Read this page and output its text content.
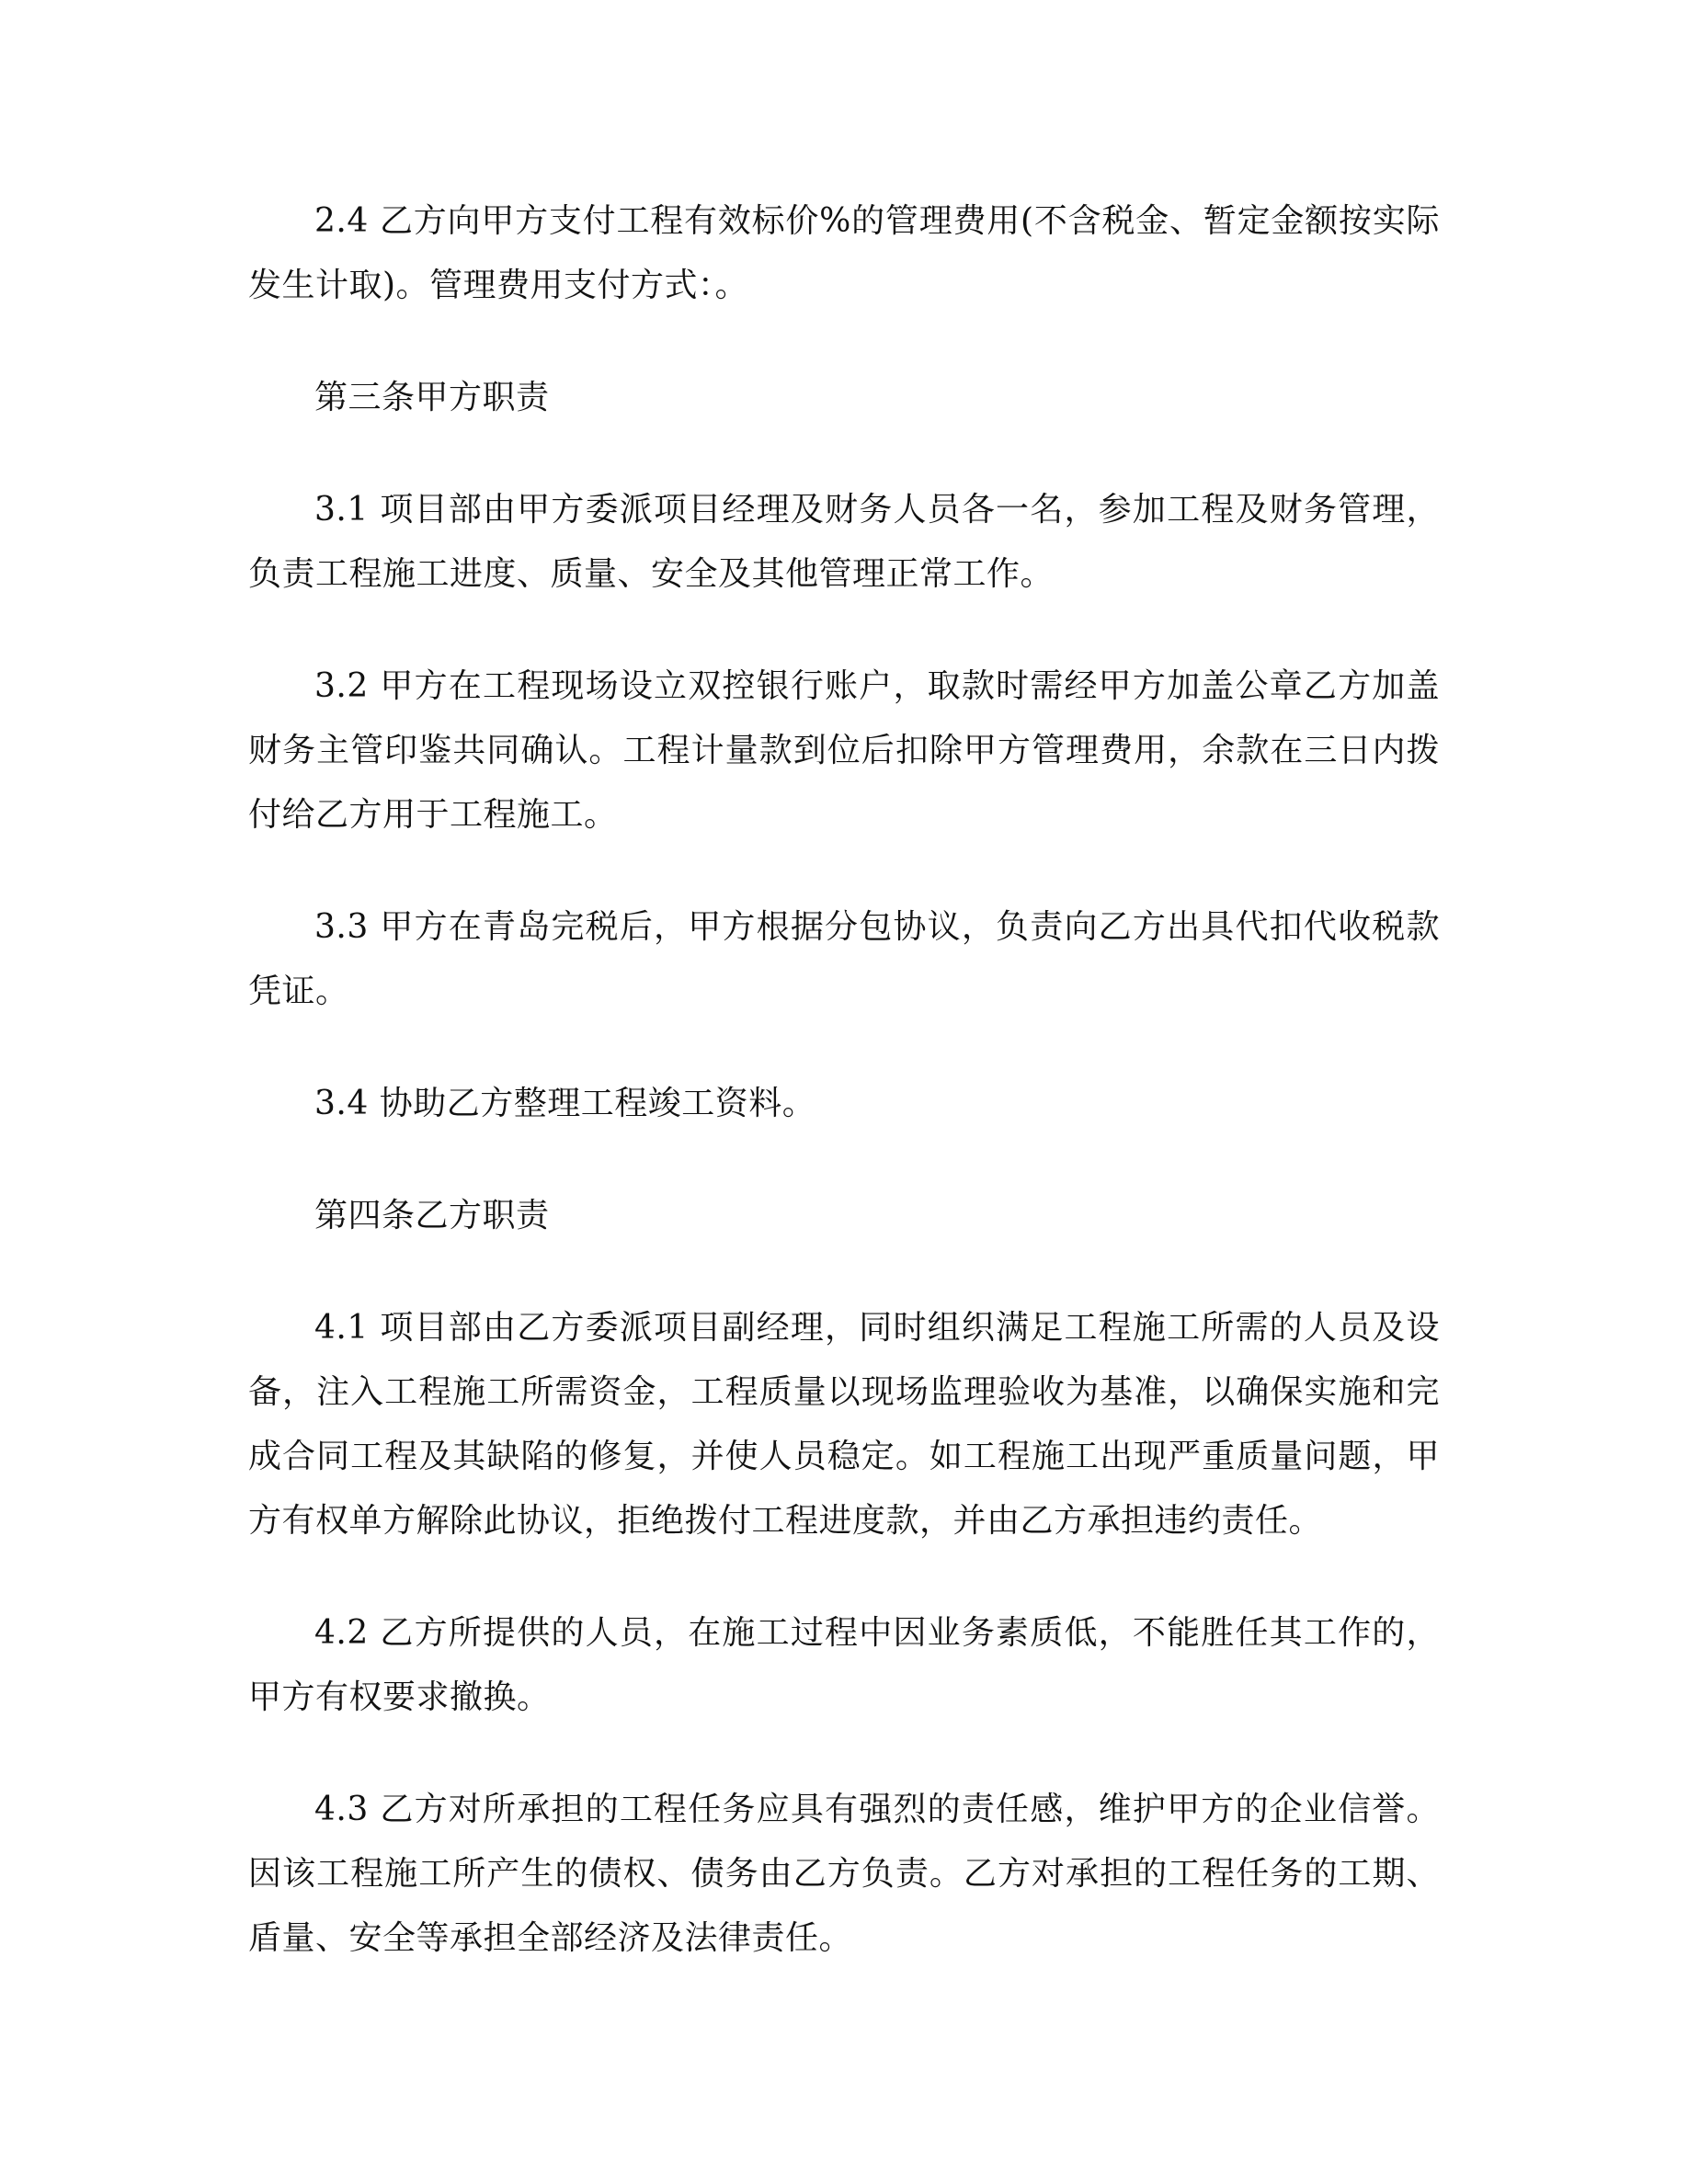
2.4 乙方向甲方支付工程有效标价%的管理费用(不含税金、暂定金额按实际发生计取)。管理费用支付方式：。

第三条甲方职责

3.1 项目部由甲方委派项目经理及财务人员各一名，参加工程及财务管理，负责工程施工进度、质量、安全及其他管理正常工作。

3.2 甲方在工程现场设立双控银行账户，取款时需经甲方加盖公章乙方加盖财务主管印鉴共同确认。工程计量款到位后扣除甲方管理费用，余款在三日内拨付给乙方用于工程施工。

3.3 甲方在青岛完税后，甲方根据分包协议，负责向乙方出具代扣代收税款凭证。

3.4 协助乙方整理工程竣工资料。

第四条乙方职责

4.1 项目部由乙方委派项目副经理，同时组织满足工程施工所需的人员及设备，注入工程施工所需资金，工程质量以现场监理验收为基准，以确保实施和完成合同工程及其缺陷的修复，并使人员稳定。如工程施工出现严重质量问题，甲方有权单方解除此协议，拒绝拨付工程进度款，并由乙方承担违约责任。

4.2 乙方所提供的人员，在施工过程中因业务素质低，不能胜任其工作的，甲方有权要求撤换。

4.3 乙方对所承担的工程任务应具有强烈的责任感，维护甲方的企业信誉。因该工程施工所产生的债权、债务由乙方负责。乙方对承担的工程任务的工期、盾量、安全等承担全部经济及法律责任。
